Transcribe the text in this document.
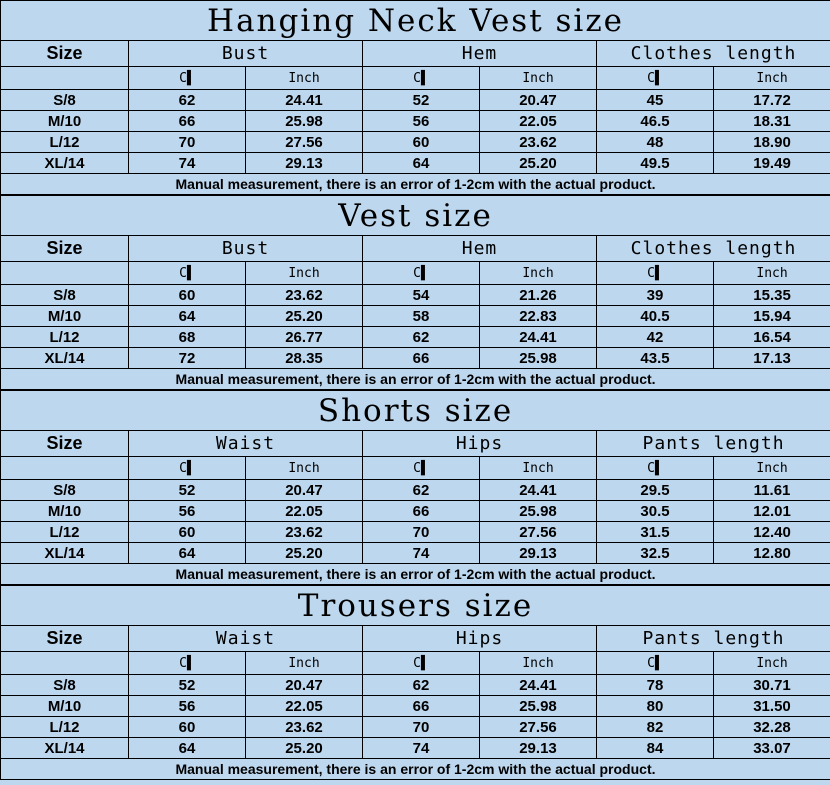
Hanging Neck Vest size						
Size	Bust		Hem		Clothes length	
	C▌	Inch	C▌	Inch	C▌	Inch
S/8	62	24.41	52	20.47	45	17.72
M/10	66	25.98	56	22.05	46.5	18.31
L/12	70	27.56	60	23.62	48	18.90
XL/14	74	29.13	64	25.20	49.5	19.49
Manual measurement, there is an error of 1-2cm with the actual product.						
Vest size						
Size	Bust		Hem		Clothes length	
	C▌	Inch	C▌	Inch	C▌	Inch
S/8	60	23.62	54	21.26	39	15.35
M/10	64	25.20	58	22.83	40.5	15.94
L/12	68	26.77	62	24.41	42	16.54
XL/14	72	28.35	66	25.98	43.5	17.13
Manual measurement, there is an error of 1-2cm with the actual product.						
Shorts size						
Size	Waist		Hips		Pants length	
	C▌	Inch	C▌	Inch	C▌	Inch
S/8	52	20.47	62	24.41	29.5	11.61
M/10	56	22.05	66	25.98	30.5	12.01
L/12	60	23.62	70	27.56	31.5	12.40
XL/14	64	25.20	74	29.13	32.5	12.80
Manual measurement, there is an error of 1-2cm with the actual product.						
Trousers size						
Size	Waist		Hips		Pants length	
	C▌	Inch	C▌	Inch	C▌	Inch
S/8	52	20.47	62	24.41	78	30.71
M/10	56	22.05	66	25.98	80	31.50
L/12	60	23.62	70	27.56	82	32.28
XL/14	64	25.20	74	29.13	84	33.07
Manual measurement, there is an error of 1-2cm with the actual product.						
